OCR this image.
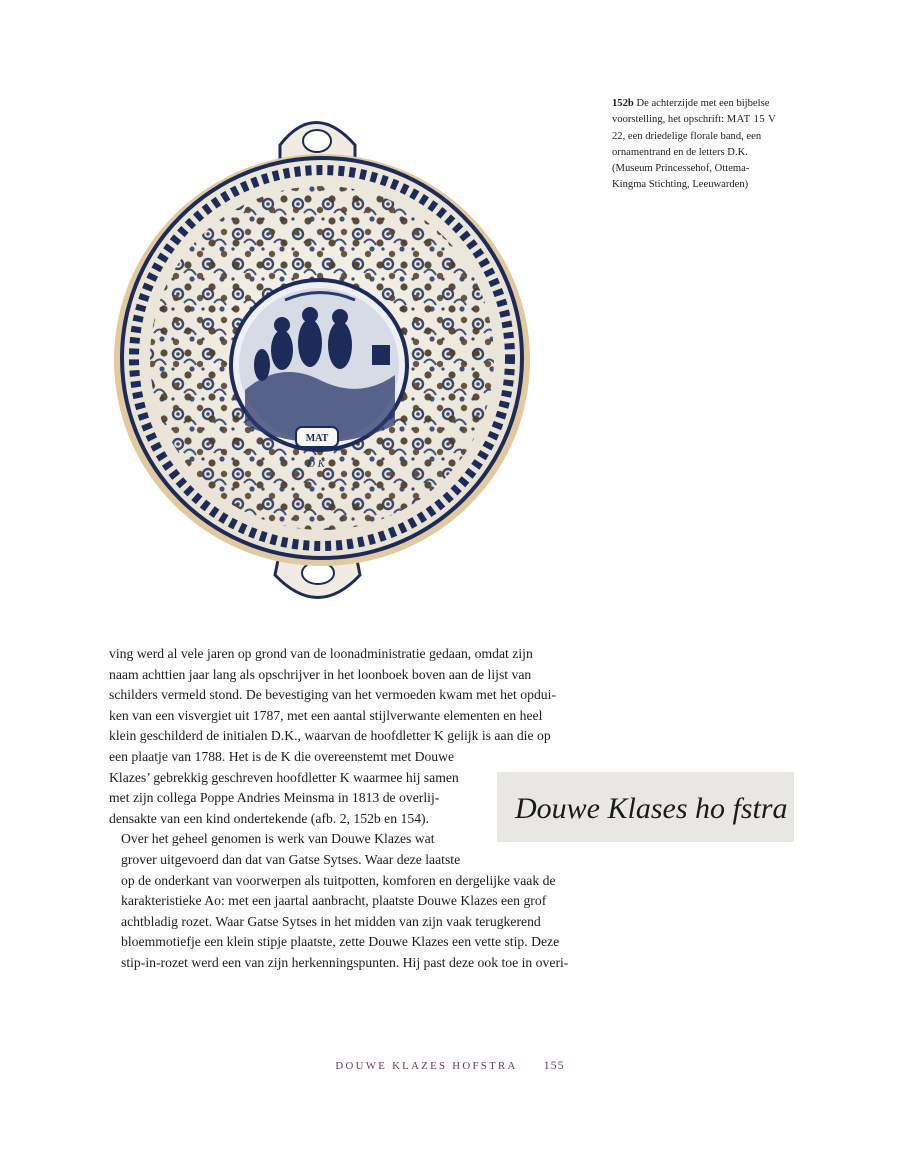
MAT
D K

152b De achterzijde met een bijbelse
voorstelling, het opschrift: MAT 15 V
22, een driedelige florale band, een
ornamentrand en de letters D.K.
(Museum Princessehof, Ottema-
Kingma Stichting, Leeuwarden)

ving werd al vele jaren op grond van de loonadministratie gedaan, omdat zijn
naam achttien jaar lang als opschrijver in het loonboek boven aan de lijst van
schilders vermeld stond. De bevestiging van het vermoeden kwam met het opdui-
ken van een visvergiet uit 1787, met een aantal stijlverwante elementen en heel
klein geschilderd de initialen D.K., waarvan de hoofdletter K gelijk is aan die op
een plaatje van 1788. Het is de K die overeenstemt met Douwe
Klazes’ gebrekkig geschreven hoofdletter K waarmee hij samen
met zijn collega Poppe Andries Meinsma in 1813 de overlij-
densakte van een kind ondertekende (afb. 2, 152b en 154).

Over het geheel genomen is werk van Douwe Klazes wat
grover uitgevoerd dan dat van Gatse Sytses. Waar deze laatste
op de onderkant van voorwerpen als tuitpotten, komforen en dergelijke vaak de
karakteristieke Ao: met een jaartal aanbracht, plaatste Douwe Klazes een grof
achtbladig rozet. Waar Gatse Sytses in het midden van zijn vaak terugkerend
bloemmotiefje een klein stipje plaatste, zette Douwe Klazes een vette stip. Deze
stip-in-rozet werd een van zijn herkenningspunten. Hij past deze ook toe in overi-

Douwe Klases ho fstra
DOUWE KLAZES HOFSTRA 155
